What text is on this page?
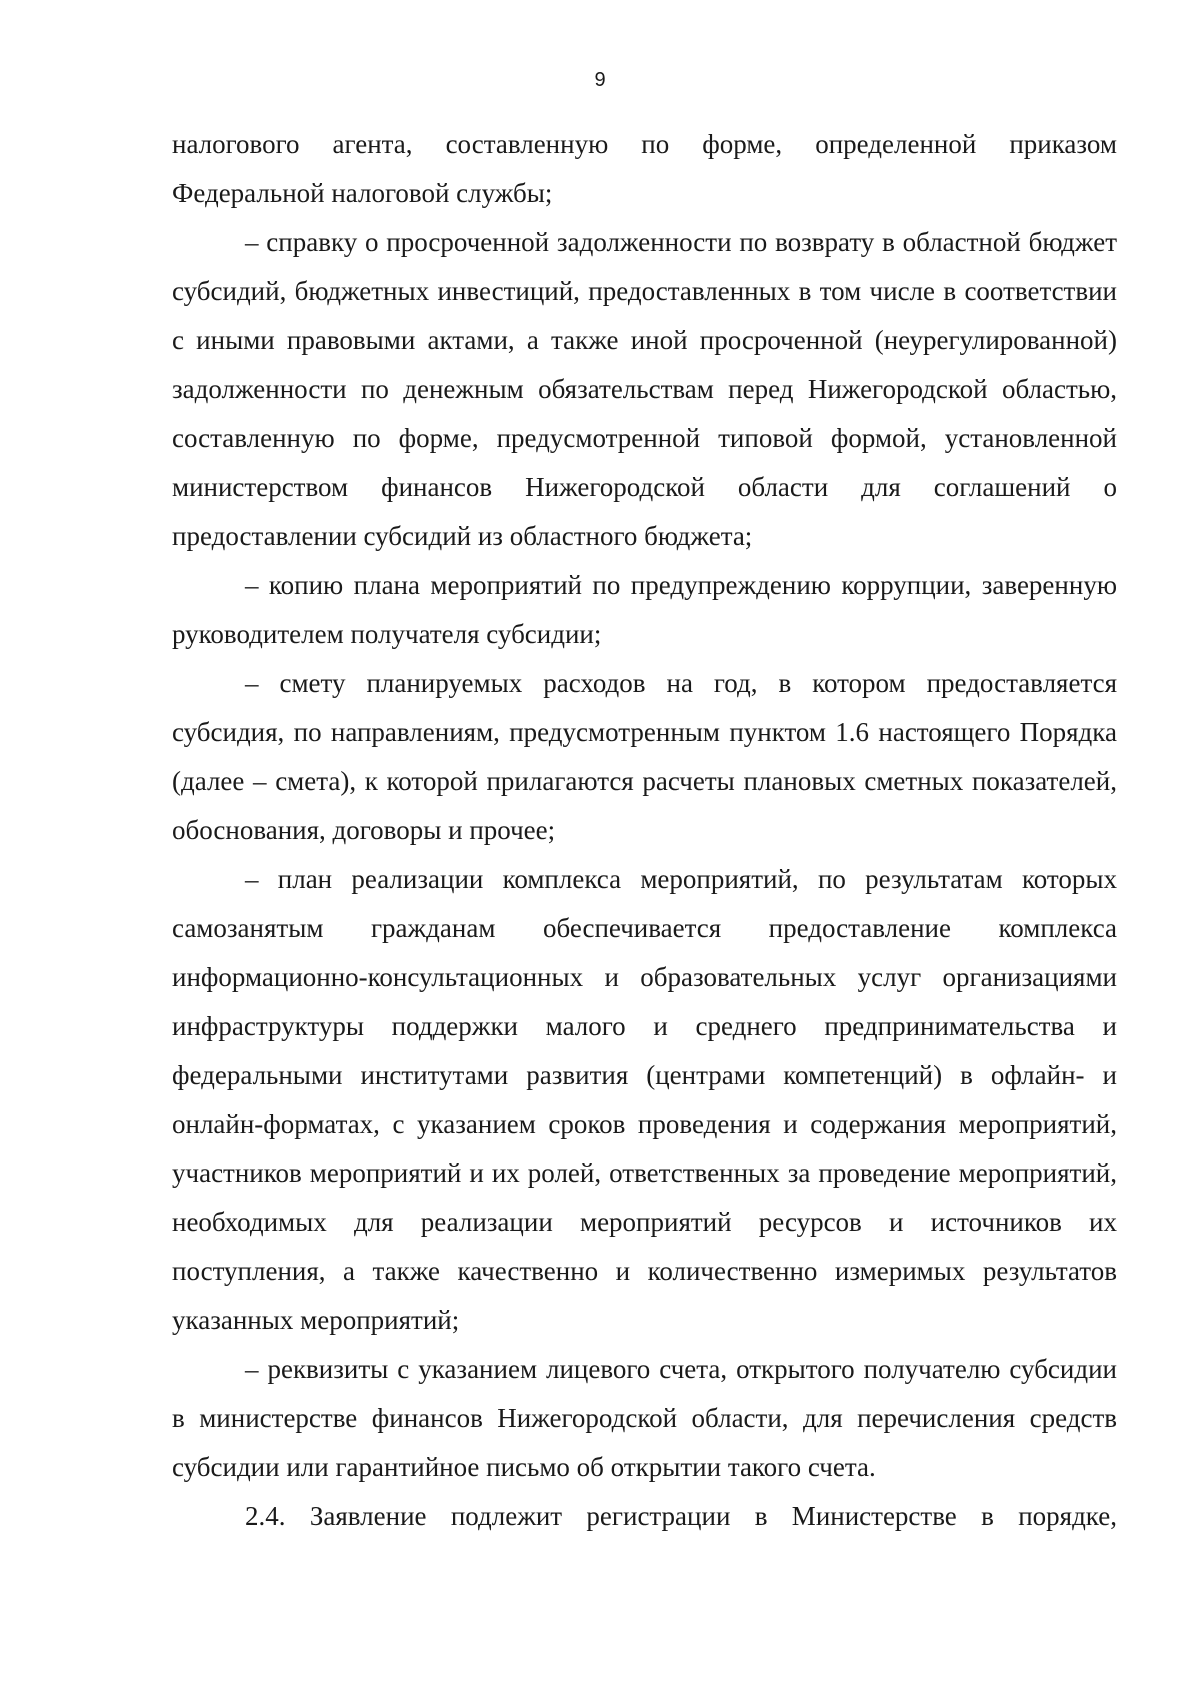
9

налогового агента, составленную по форме, определенной приказом Федеральной налоговой службы;

– справку о просроченной задолженности по возврату в областной бюджет субсидий, бюджетных инвестиций, предоставленных в том числе в соответствии с иными правовыми актами, а также иной просроченной (неурегулированной) задолженности по денежным обязательствам перед Нижегородской областью, составленную по форме, предусмотренной типовой формой, установленной министерством финансов Нижегородской области для соглашений о предоставлении субсидий из областного бюджета;

– копию плана мероприятий по предупреждению коррупции, заверенную руководителем получателя субсидии;

– смету планируемых расходов на год, в котором предоставляется субсидия, по направлениям, предусмотренным пунктом 1.6 настоящего Порядка (далее – смета), к которой прилагаются расчеты плановых сметных показателей, обоснования, договоры и прочее;

– план реализации комплекса мероприятий, по результатам которых самозанятым гражданам обеспечивается предоставление комплекса информационно-консультационных и образовательных услуг организациями инфраструктуры поддержки малого и среднего предпринимательства и федеральными институтами развития (центрами компетенций) в офлайн- и онлайн-форматах, с указанием сроков проведения и содержания мероприятий, участников мероприятий и их ролей, ответственных за проведение мероприятий, необходимых для реализации мероприятий ресурсов и источников их поступления, а также качественно и количественно измеримых результатов указанных мероприятий;

– реквизиты с указанием лицевого счета, открытого получателю субсидии в министерстве финансов Нижегородской области, для перечисления средств субсидии или гарантийное письмо об открытии такого счета.

2.4. Заявление подлежит регистрации в Министерстве в порядке,
